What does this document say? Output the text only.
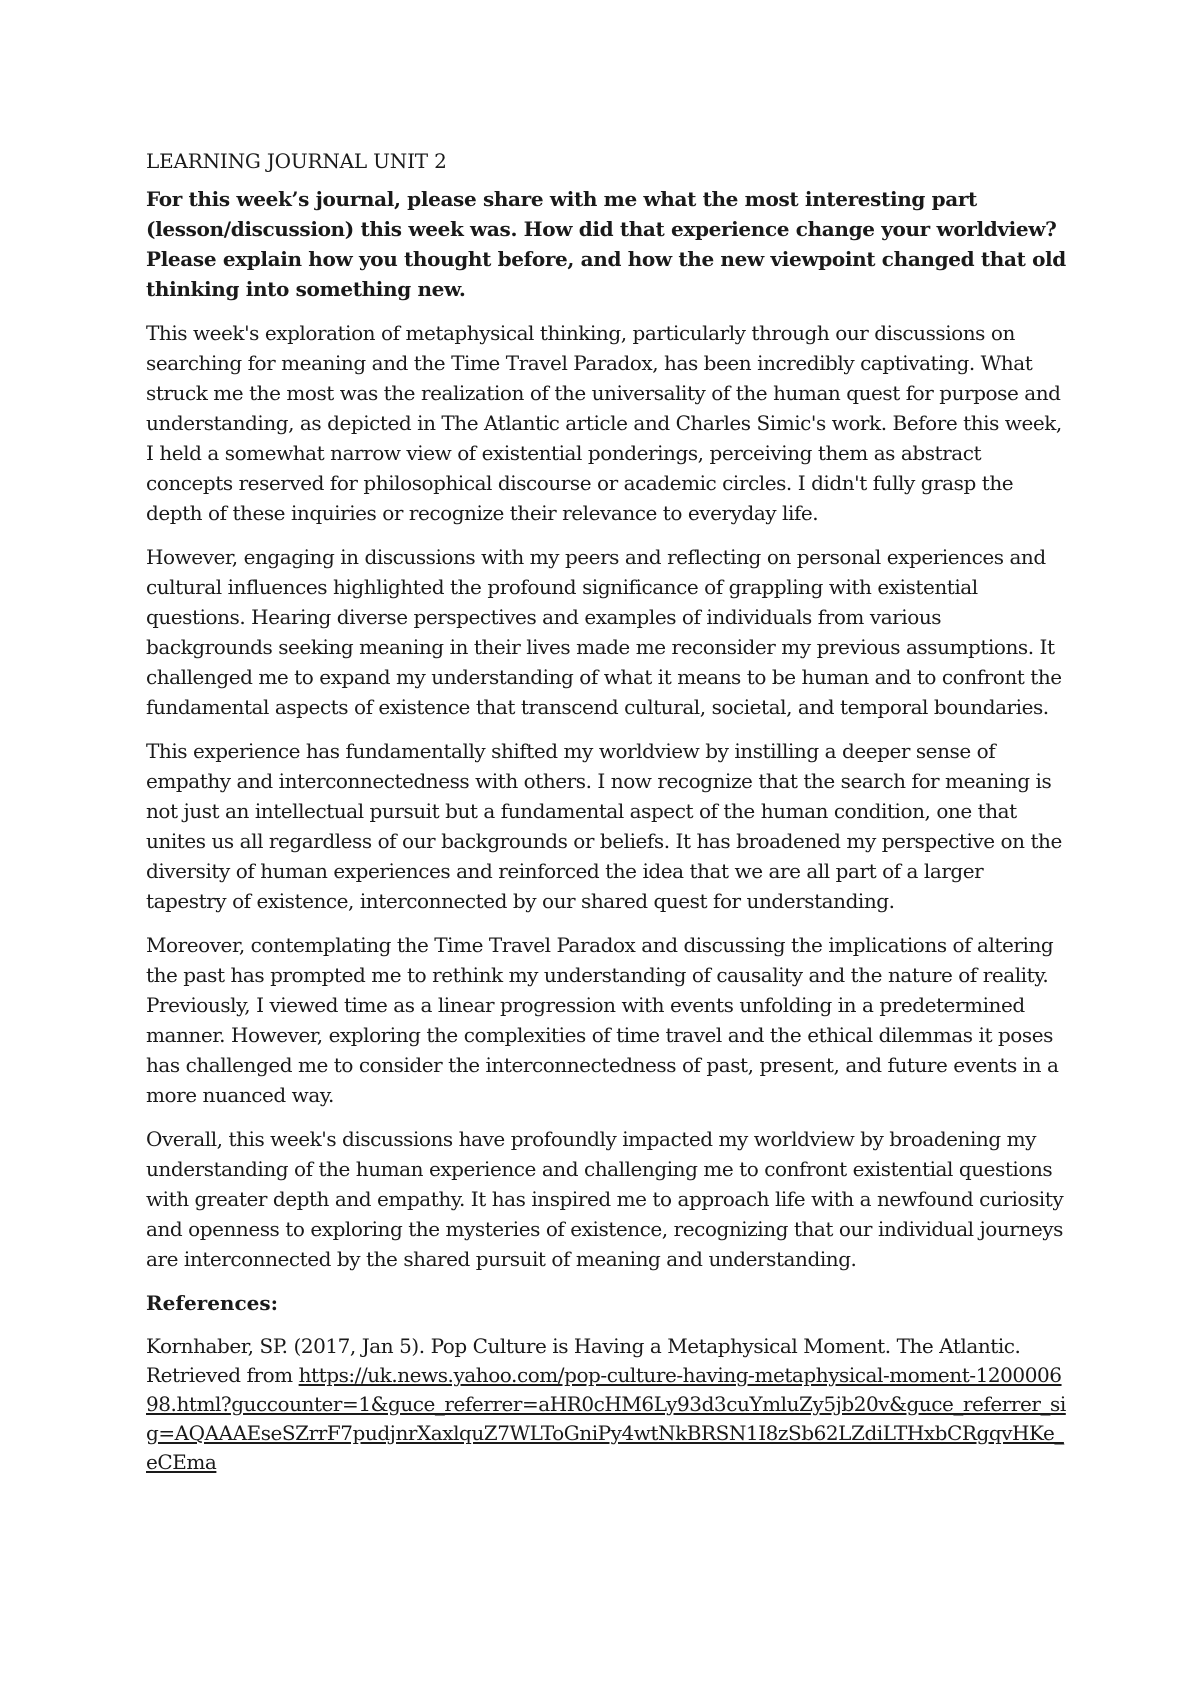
LEARNING JOURNAL UNIT 2
For this week’s journal, please share with me what the most interesting part (lesson/discussion) this week was. How did that experience change your worldview? Please explain how you thought before, and how the new viewpoint changed that old thinking into something new.

This week's exploration of metaphysical thinking, particularly through our discussions on searching for meaning and the Time Travel Paradox, has been incredibly captivating. What struck me the most was the realization of the universality of the human quest for purpose and understanding, as depicted in The Atlantic article and Charles Simic's work. Before this week, I held a somewhat narrow view of existential ponderings, perceiving them as abstract concepts reserved for philosophical discourse or academic circles. I didn't fully grasp the depth of these inquiries or recognize their relevance to everyday life.

However, engaging in discussions with my peers and reflecting on personal experiences and cultural influences highlighted the profound significance of grappling with existential questions. Hearing diverse perspectives and examples of individuals from various backgrounds seeking meaning in their lives made me reconsider my previous assumptions. It challenged me to expand my understanding of what it means to be human and to confront the fundamental aspects of existence that transcend cultural, societal, and temporal boundaries.

This experience has fundamentally shifted my worldview by instilling a deeper sense of empathy and interconnectedness with others. I now recognize that the search for meaning is not just an intellectual pursuit but a fundamental aspect of the human condition, one that unites us all regardless of our backgrounds or beliefs. It has broadened my perspective on the diversity of human experiences and reinforced the idea that we are all part of a larger tapestry of existence, interconnected by our shared quest for understanding.

Moreover, contemplating the Time Travel Paradox and discussing the implications of altering the past has prompted me to rethink my understanding of causality and the nature of reality. Previously, I viewed time as a linear progression with events unfolding in a predetermined manner. However, exploring the complexities of time travel and the ethical dilemmas it poses has challenged me to consider the interconnectedness of past, present, and future events in a more nuanced way.

Overall, this week's discussions have profoundly impacted my worldview by broadening my understanding of the human experience and challenging me to confront existential questions with greater depth and empathy. It has inspired me to approach life with a newfound curiosity and openness to exploring the mysteries of existence, recognizing that our individual journeys are interconnected by the shared pursuit of meaning and understanding.

References:

Kornhaber, SP. (2017, Jan 5). Pop Culture is Having a Metaphysical Moment. The Atlantic. Retrieved from https://uk.news.yahoo.com/pop-culture-having-metaphysical-moment-120000698.html?guccounter=1&guce_referrer=aHR0cHM6Ly93d3cuYmluZy5jb20v&guce_referrer_sig=AQAAAEseSZrrF7pudjnrXaxlquZ7WLToGniPy4wtNkBRSN1I8zSb62LZdiLTHxbCRgqvHKe_eCEma
